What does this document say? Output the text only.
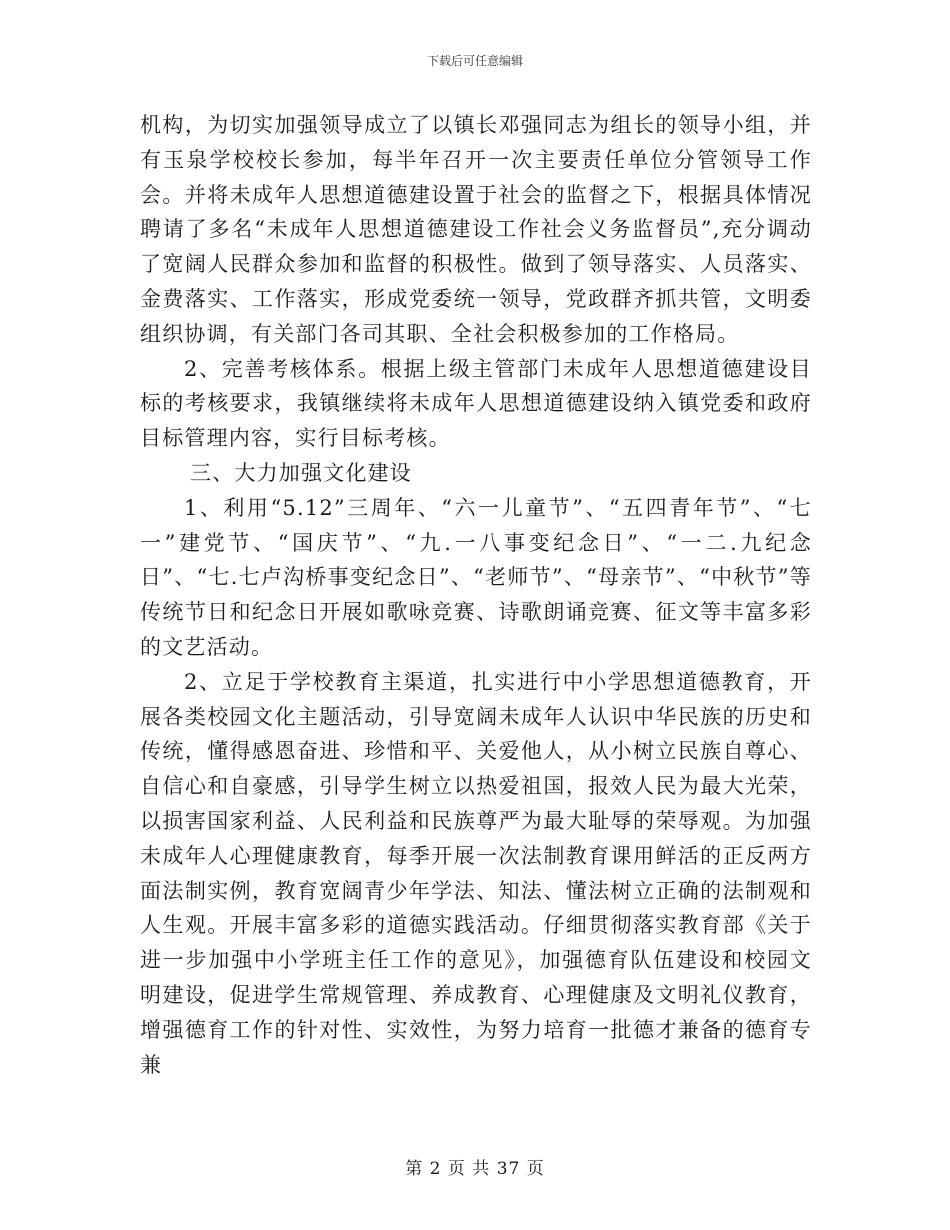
下载后可任意编辑

机构，为切实加强领导成立了以镇长邓强同志为组长的领导小组，并有玉泉学校校长参加，每半年召开一次主要责任单位分管领导工作会。并将未成年人思想道德建设置于社会的监督之下，根据具体情况聘请了多名“未成年人思想道德建设工作社会义务监督员”,充分调动了宽阔人民群众参加和监督的积极性。做到了领导落实、人员落实、金费落实、工作落实，形成党委统一领导，党政群齐抓共管，文明委组织协调，有关部门各司其职、全社会积极参加的工作格局。

2、完善考核体系。根据上级主管部门未成年人思想道德建设目标的考核要求，我镇继续将未成年人思想道德建设纳入镇党委和政府目标管理内容，实行目标考核。

三、大力加强文化建设

1、利用“5.12”三周年、“六一儿童节”、“五四青年节”、“七一”建党节、“国庆节”、“九.一八事变纪念日”、“一二.九纪念日”、“七.七卢沟桥事变纪念日”、“老师节”、“母亲节”、“中秋节”等传统节日和纪念日开展如歌咏竞赛、诗歌朗诵竞赛、征文等丰富多彩的文艺活动。

2、立足于学校教育主渠道，扎实进行中小学思想道德教育，开展各类校园文化主题活动，引导宽阔未成年人认识中华民族的历史和传统，懂得感恩奋进、珍惜和平、关爱他人，从小树立民族自尊心、自信心和自豪感，引导学生树立以热爱祖国，报效人民为最大光荣，以损害国家利益、人民利益和民族尊严为最大耻辱的荣辱观。为加强未成年人心理健康教育，每季开展一次法制教育课用鲜活的正反两方面法制实例，教育宽阔青少年学法、知法、懂法树立正确的法制观和人生观。开展丰富多彩的道德实践活动。仔细贯彻落实教育部《关于进一步加强中小学班主任工作的意见》，加强德育队伍建设和校园文明建设，促进学生常规管理、养成教育、心理健康及文明礼仪教育，增强德育工作的针对性、实效性，为努力培育一批德才兼备的德育专兼

第 2 页 共 37 页
